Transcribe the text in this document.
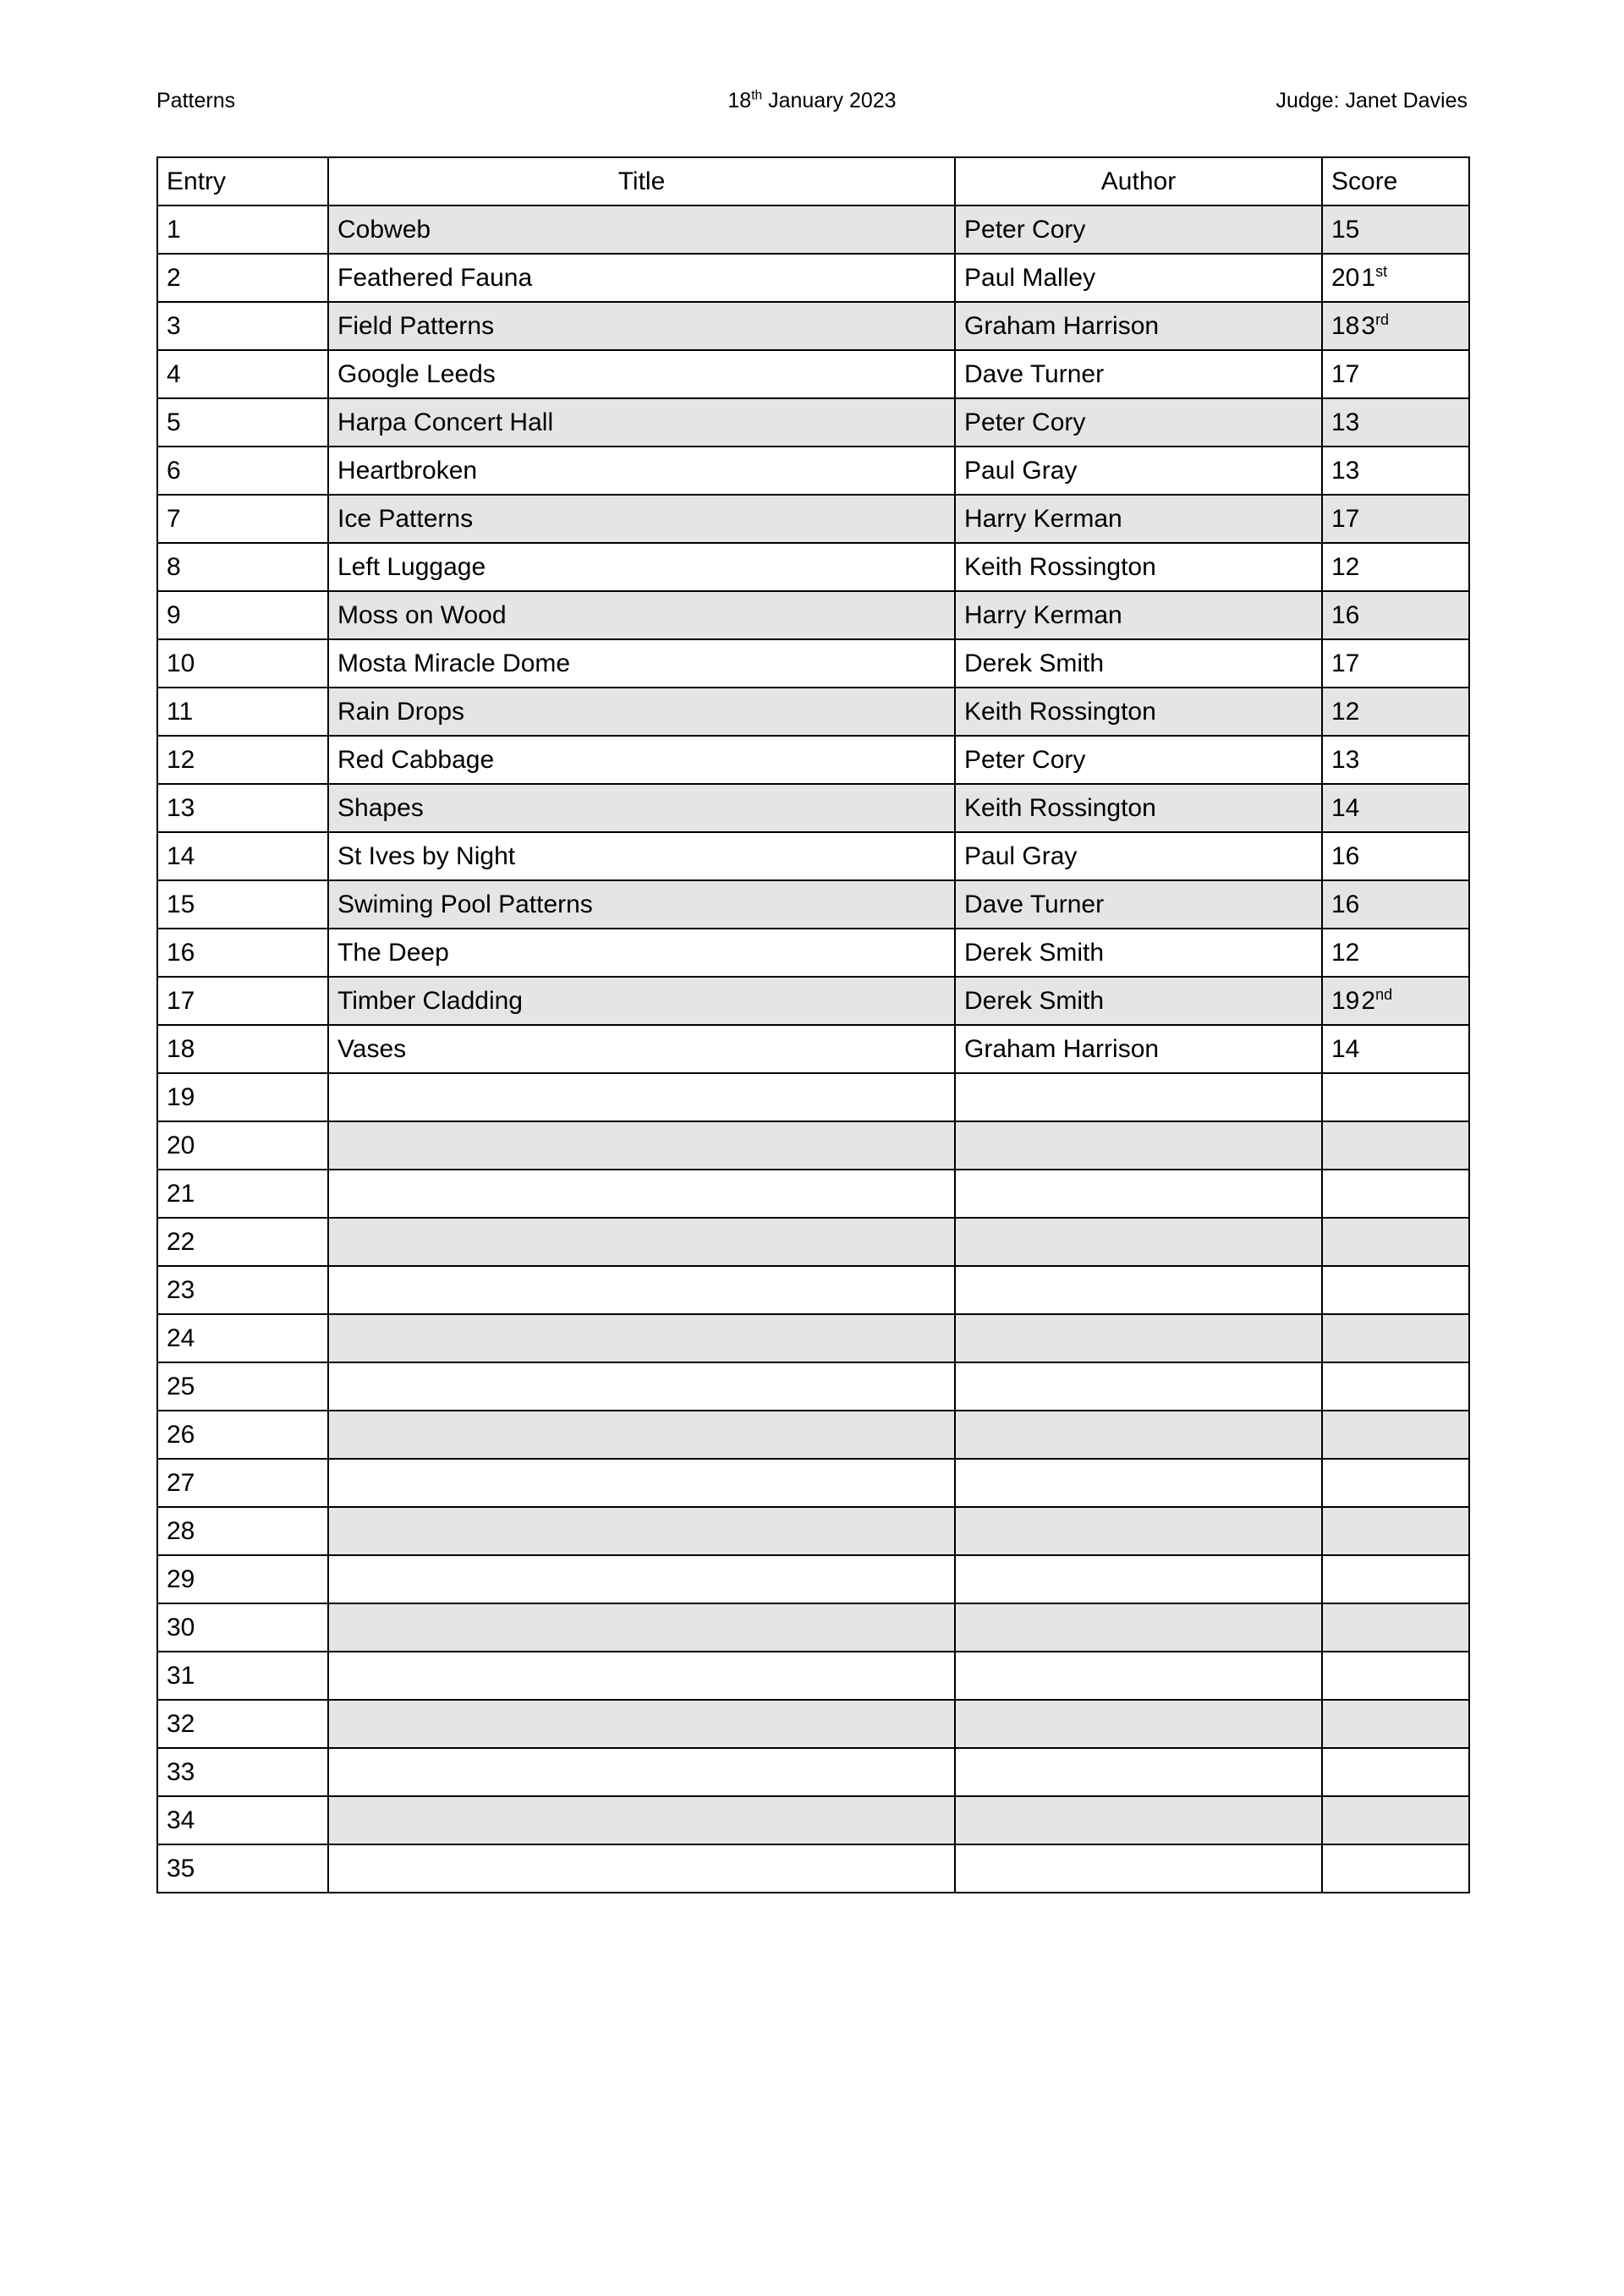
Patterns	18th January 2023	Judge: Janet Davies
Entry	Title	Author	Score
1	Cobweb	Peter Cory	15
2	Feathered Fauna	Paul Malley	201st
3	Field Patterns	Graham Harrison	183rd
4	Google Leeds	Dave Turner	17
5	Harpa Concert Hall	Peter Cory	13
6	Heartbroken	Paul Gray	13
7	Ice Patterns	Harry Kerman	17
8	Left Luggage	Keith Rossington	12
9	Moss on Wood	Harry Kerman	16
10	Mosta Miracle Dome	Derek Smith	17
11	Rain Drops	Keith Rossington	12
12	Red Cabbage	Peter Cory	13
13	Shapes	Keith Rossington	14
14	St Ives by Night	Paul Gray	16
15	Swiming Pool Patterns	Dave Turner	16
16	The Deep	Derek Smith	12
17	Timber Cladding	Derek Smith	192nd
18	Vases	Graham Harrison	14
19			
20			
21			
22			
23			
24			
25			
26			
27			
28			
29			
30			
31			
32			
33			
34			
35			
